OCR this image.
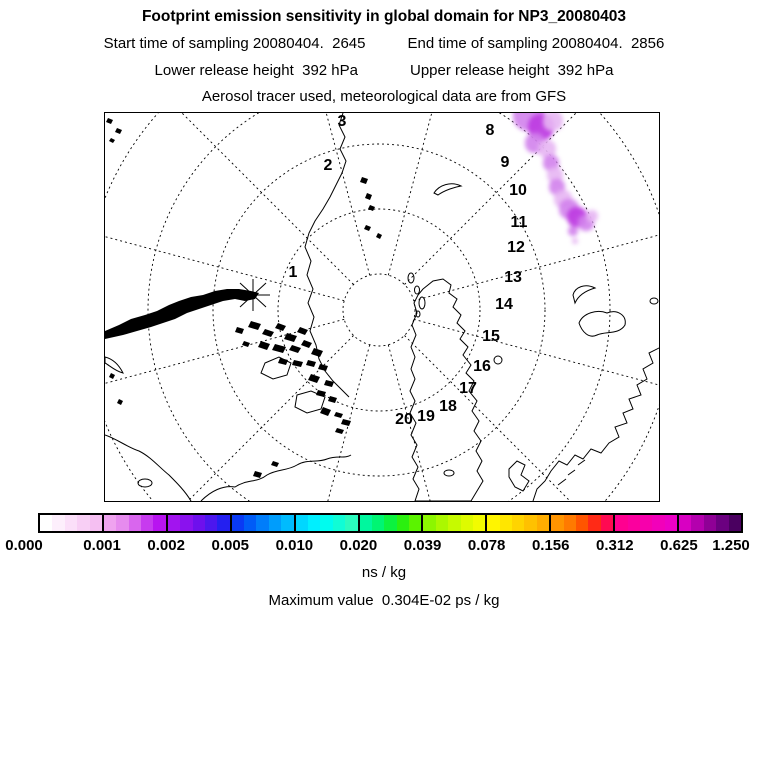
Footprint emission sensitivity in global domain for NP3_20080403
Start time of sampling 20080404.  2645	End time of sampling 20080404.  2856
Lower release height  392 hPa	Upper release height  392 hPa
Aerosol tracer used, meteorological data are from GFS
1
2
3
8
9
10
11
12
13
14
15
16
17
18
19
20
0.000	0.001 0.002 0.005 0.010 0.020 0.039 0.078 0.156 0.312 0.625 1.250
ns / kg
Maximum value  0.304E-02 ps / kg
